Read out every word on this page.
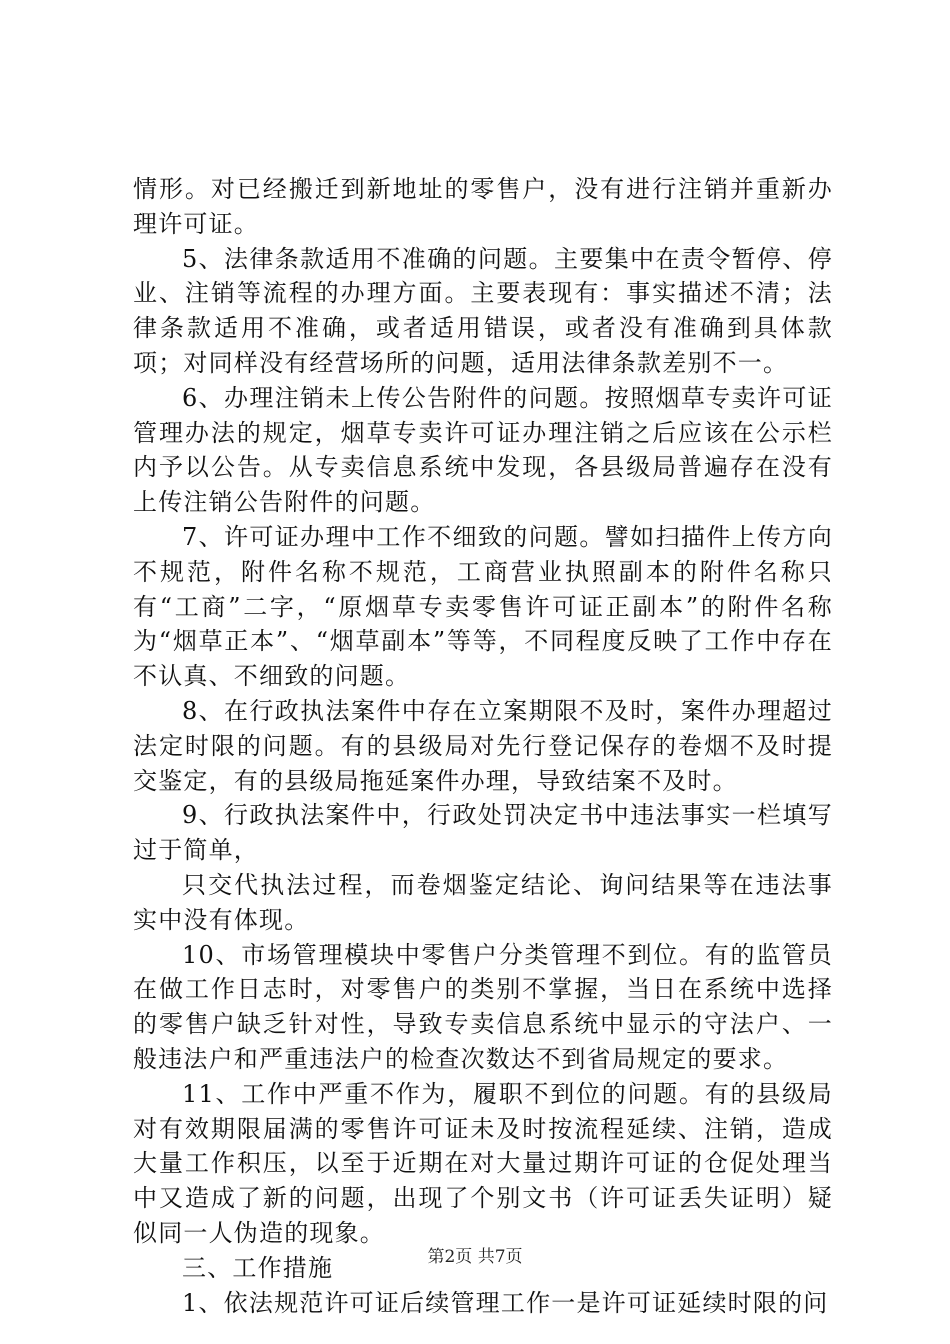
情形。对已经搬迁到新地址的零售户，没有进行注销并重新办理许可证。

5、法律条款适用不准确的问题。主要集中在责令暂停、停业、注销等流程的办理方面。主要表现有：事实描述不清；法律条款适用不准确，或者适用错误，或者没有准确到具体款项；对同样没有经营场所的问题，适用法律条款差别不一。

6、办理注销未上传公告附件的问题。按照烟草专卖许可证管理办法的规定，烟草专卖许可证办理注销之后应该在公示栏内予以公告。从专卖信息系统中发现，各县级局普遍存在没有上传注销公告附件的问题。

7、许可证办理中工作不细致的问题。譬如扫描件上传方向不规范，附件名称不规范，工商营业执照副本的附件名称只有“工商”二字，“原烟草专卖零售许可证正副本”的附件名称为“烟草正本”、“烟草副本”等等，不同程度反映了工作中存在不认真、不细致的问题。

8、在行政执法案件中存在立案期限不及时，案件办理超过法定时限的问题。有的县级局对先行登记保存的卷烟不及时提交鉴定，有的县级局拖延案件办理，导致结案不及时。

9、行政执法案件中，行政处罚决定书中违法事实一栏填写过于简单，

只交代执法过程，而卷烟鉴定结论、询问结果等在违法事实中没有体现。

10、市场管理模块中零售户分类管理不到位。有的监管员在做工作日志时，对零售户的类别不掌握，当日在系统中选择的零售户缺乏针对性，导致专卖信息系统中显示的守法户、一般违法户和严重违法户的检查次数达不到省局规定的要求。

11、工作中严重不作为，履职不到位的问题。有的县级局对有效期限届满的零售许可证未及时按流程延续、注销，造成大量工作积压，以至于近期在对大量过期许可证的仓促处理当中又造成了新的问题，出现了个别文书（许可证丢失证明）疑似同一人伪造的现象。

三、工作措施

1、依法规范许可证后续管理工作一是许可证延续时限的问

第2页 共7页
